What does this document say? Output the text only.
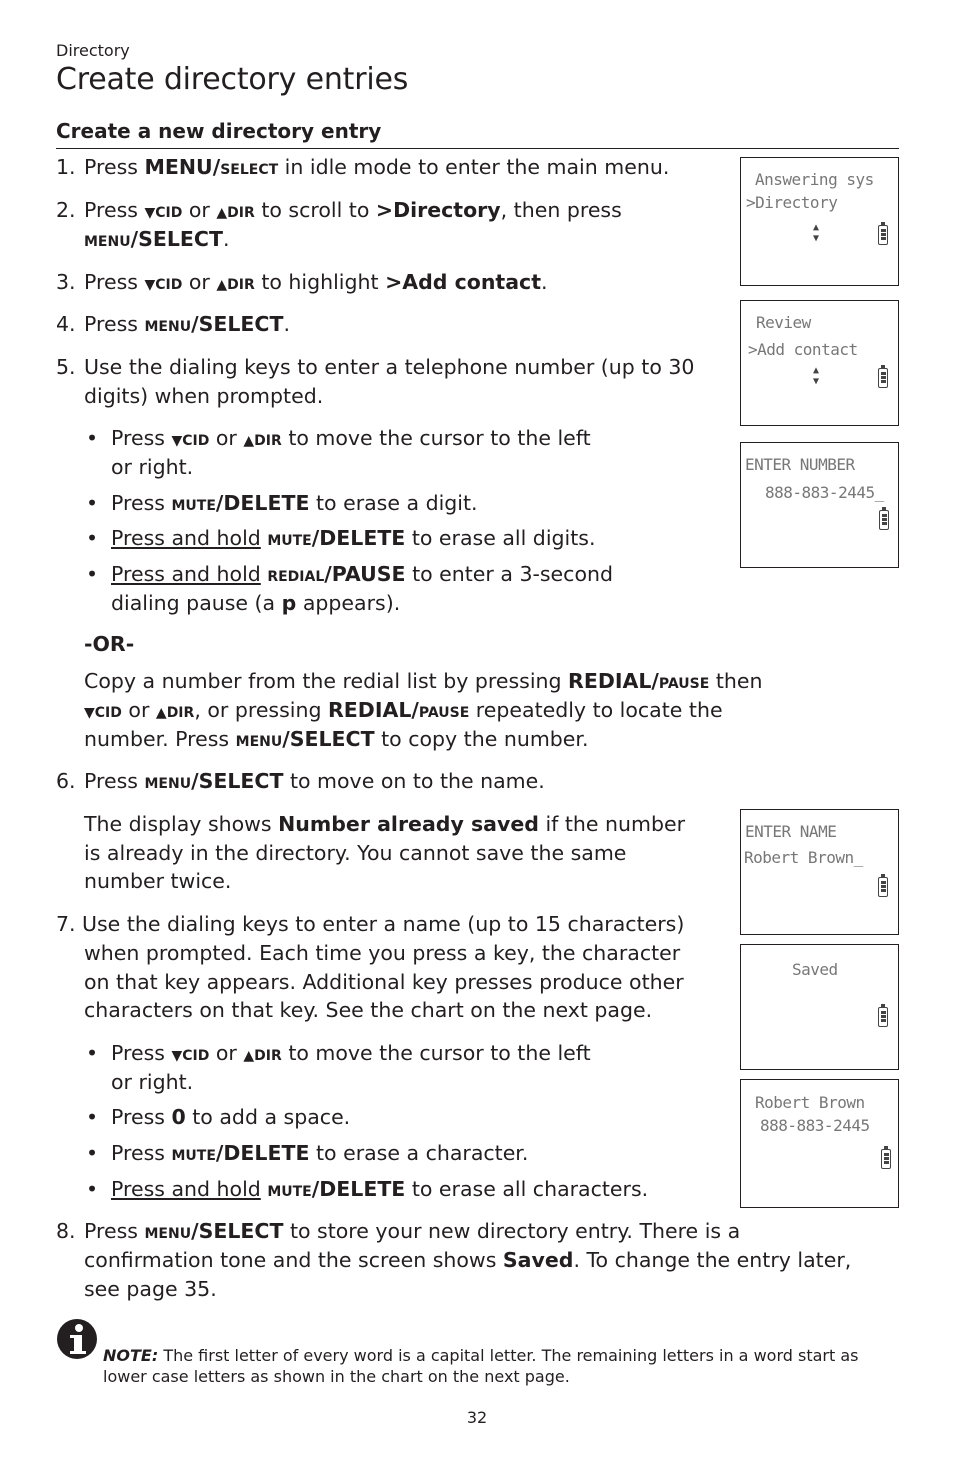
Directory
Create directory entries
Create a new directory entry
1. Press MENU/select in idle mode to enter the main menu.
2. Press ▼cid or ▲dir to scroll to >Directory, then press
menu/SELECT.
3. Press ▼cid or ▲dir to highlight >Add contact.
4. Press menu/SELECT.
5. Use the dialing keys to enter a telephone number (up to 30
digits) when prompted.
• Press ▼cid or ▲dir to move the cursor to the left
or right.
• Press mute/DELETE to erase a digit.
• Press and hold mute/DELETE to erase all digits.
• Press and hold redial/PAUSE to enter a 3-second
dialing pause (a p appears).
-OR-
Copy a number from the redial list by pressing REDIAL/pause then
▼cid or ▲dir, or pressing REDIAL/pause repeatedly to locate the
number. Press menu/SELECT to copy the number.
6. Press menu/SELECT to move on to the name.
The display shows Number already saved if the number
is already in the directory. You cannot save the same
number twice.
7. Use the dialing keys to enter a name (up to 15 characters)
when prompted. Each time you press a key, the character
on that key appears. Additional key presses produce other
characters on that key. See the chart on the next page.
• Press ▼cid or ▲dir to move the cursor to the left
or right.
• Press 0 to add a space.
• Press mute/DELETE to erase a character.
• Press and hold mute/DELETE to erase all characters.
8. Press menu/SELECT to store your new directory entry. There is a
confirmation tone and the screen shows Saved. To change the entry later,
see page 35.
Answering sys
>Directory
▲
▼
Review
>Add contact
▲
▼
ENTER NUMBER
888-883-2445_
ENTER NAME
Robert Brown_
Saved
Robert Brown
888-883-2445
NOTE: The first letter of every word is a capital letter. The remaining letters in a word start as lower case letters as shown in the chart on the next page.
32
